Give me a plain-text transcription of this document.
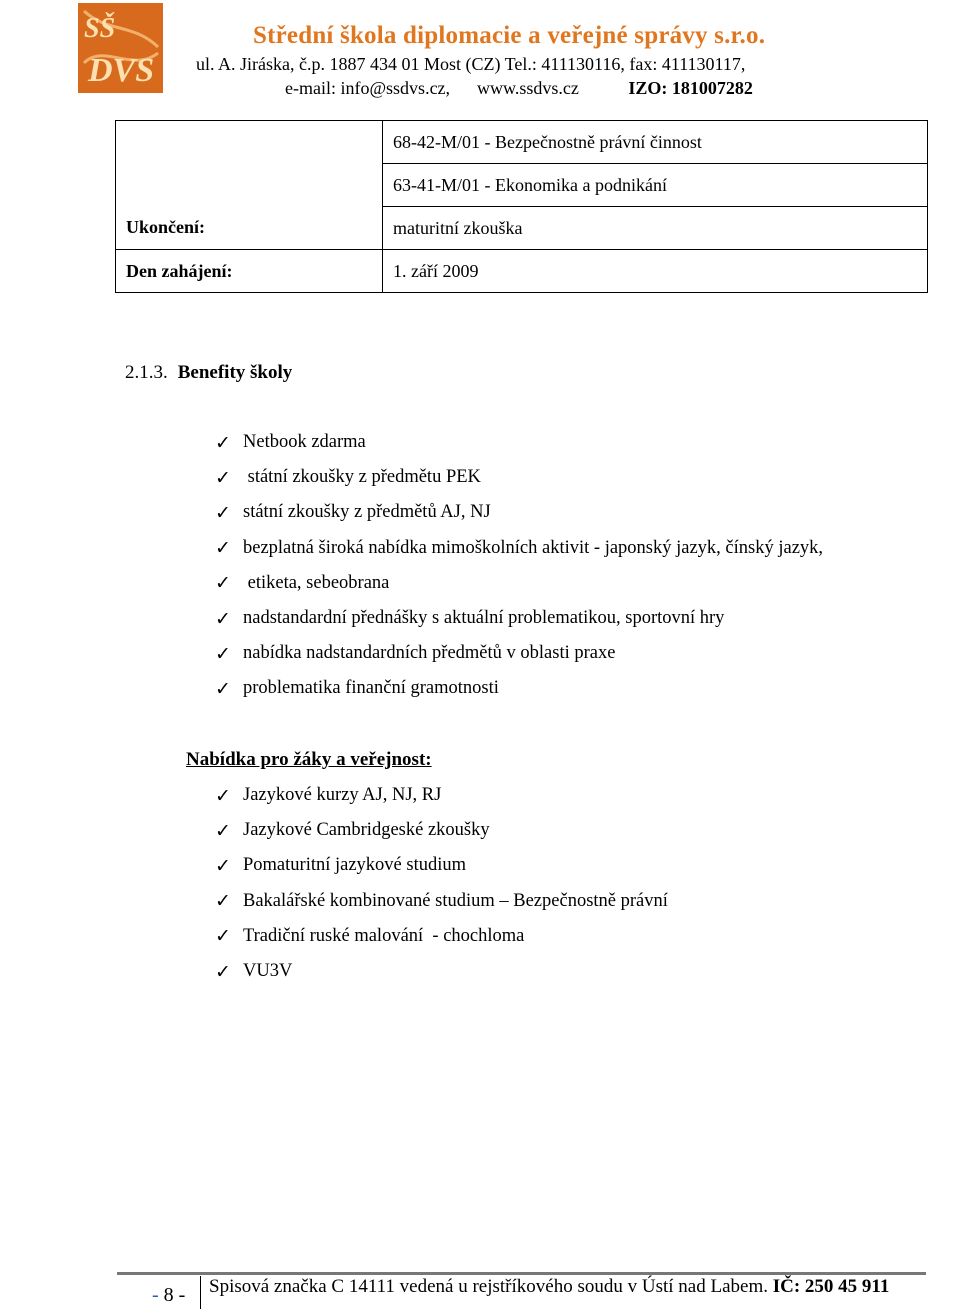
SŠ
DVS
Střední škola diplomacie a veřejné správy s.r.o.
ul. A. Jiráska, č.p. 1887 434 01 Most (CZ) Tel.: 411130116, fax: 411130117,
e-mail: info@ssdvs.cz, www.ssdvs.cz	IZO: 181007282
	68-42-M/01 - Bezpečnostně právní činnost
	63-41-M/01 - Ekonomika a podnikání
Ukončení:	maturitní zkouška
Den zahájení:	1. září 2009
2.1.3. Benefity školy
✓ Netbook zdarma
✓ státní zkoušky z předmětu PEK
✓ státní zkoušky z předmětů AJ, NJ
✓ bezplatná široká nabídka mimoškolních aktivit - japonský jazyk, čínský jazyk,
✓ etiketa, sebeobrana
✓ nadstandardní přednášky s aktuální problematikou, sportovní hry
✓ nabídka nadstandardních předmětů v oblasti praxe
✓ problematika finanční gramotnosti
Nabídka pro žáky a veřejnost:
✓ Jazykové kurzy AJ, NJ, RJ
✓ Jazykové Cambridgeské zkoušky
✓ Pomaturitní jazykové studium
✓ Bakalářské kombinované studium – Bezpečnostně právní
✓ Tradiční ruské malování  - chochloma
✓ VU3V
- 8 - Spisová značka C 14111 vedená u rejstříkového soudu v Ústí nad Labem. IČ: 250 45 911
